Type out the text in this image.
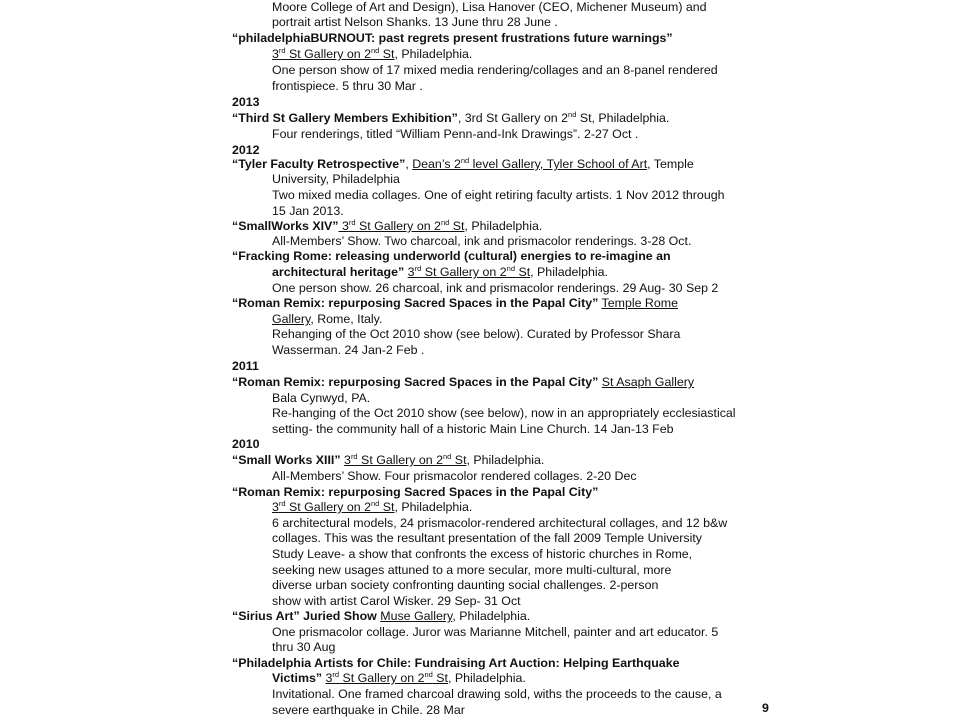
Moore College of Art and Design), Lisa Hanover (CEO, Michener Museum) and
portrait artist Nelson Shanks. 13 June thru 28 June .
“philadelphiaBURNOUT: past regrets present frustrations future warnings”
3rd St Gallery on 2nd St, Philadelphia.
One person show of 17 mixed media rendering/collages and an 8-panel rendered
frontispiece. 5 thru 30 Mar .
2013
“Third St Gallery Members Exhibition”, 3rd St Gallery on 2nd St, Philadelphia.
Four renderings, titled “William Penn-and-Ink Drawings”. 2-27 Oct .
2012
“Tyler Faculty Retrospective”, Dean’s 2nd level Gallery, Tyler School of Art, Temple
University, Philadelphia
Two mixed media collages. One of eight retiring faculty artists. 1 Nov 2012 through
15 Jan 2013.
“SmallWorks XIV” 3rd St Gallery on 2nd St, Philadelphia.
All-Members’ Show. Two charcoal, ink and prismacolor renderings. 3-28 Oct.
“Fracking Rome: releasing underworld (cultural) energies to re-imagine an
architectural heritage” 3rd St Gallery on 2nd St, Philadelphia.
One person show. 26 charcoal, ink and prismacolor renderings. 29 Aug- 30 Sep 2
“Roman Remix: repurposing Sacred Spaces in the Papal City” Temple Rome
Gallery, Rome, Italy.
Rehanging of the Oct 2010 show (see below). Curated by Professor Shara
Wasserman. 24 Jan-2 Feb .
2011
“Roman Remix: repurposing Sacred Spaces in the Papal City” St Asaph Gallery
Bala Cynwyd, PA.
Re-hanging of the Oct 2010 show (see below), now in an appropriately ecclesiastical
setting- the community hall of a historic Main Line Church. 14 Jan-13 Feb
2010
“Small Works XIII” 3rd St Gallery on 2nd St, Philadelphia.
All-Members’ Show. Four prismacolor rendered collages. 2-20 Dec
“Roman Remix: repurposing Sacred Spaces in the Papal City”
3rd St Gallery on 2nd St, Philadelphia.
6 architectural models, 24 prismacolor-rendered architectural collages, and 12 b&w
collages. This was the resultant presentation of the fall 2009 Temple University
Study Leave- a show that confronts the excess of historic churches in Rome,
seeking new usages attuned to a more secular, more multi-cultural, more
diverse urban society confronting daunting social challenges. 2-person
show with artist Carol Wisker. 29 Sep- 31 Oct
“Sirius Art” Juried Show Muse Gallery, Philadelphia.
One prismacolor collage. Juror was Marianne Mitchell, painter and art educator. 5
thru 30 Aug
“Philadelphia Artists for Chile: Fundraising Art Auction: Helping Earthquake
Victims” 3rd St Gallery on 2nd St, Philadelphia.
Invitational. One framed charcoal drawing sold, withs the proceeds to the cause, a
severe earthquake in Chile. 28 Mar	9
